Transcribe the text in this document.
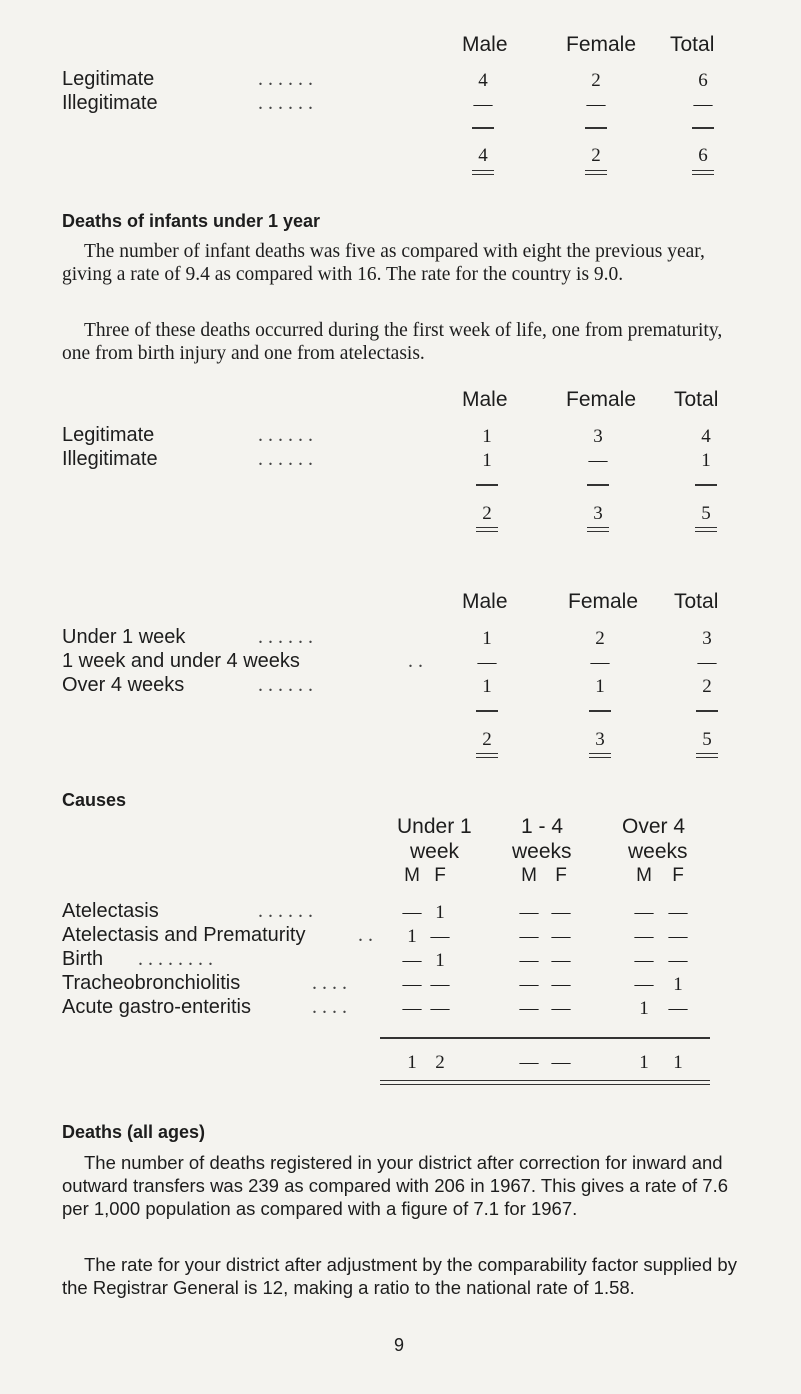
Male	Female Total
Legitimate	. . . . . .	4	2	6
Illegitimate	. . . . . .	—	—	—
4	2	6
Deaths of infants under 1 year

The number of infant deaths was five as compared with eight the previous year, giving a rate of 9.4 as compared with 16. The rate for the country is 9.0.

Three of these deaths occurred during the first week of life, one from prematurity, one from birth injury and one from atelectasis.

Male	Female Total
Legitimate	. . . . . .	1	3	4
Illegitimate	. . . . . .	1	—	1
2	3	5
Male	Female Total
Under 1 week	. . . . . .	1	2	3
1 week and under 4 weeks	. .	—	—	—
Over 4 weeks	. . . . . .	1	1	2
2	3	5
Causes
Under 1
week
1 - 4
weeks
Over 4
weeks
M F	M F	M	F
Atelectasis	. . . . . .	— 1	— —	— —
Atelectasis and Prematurity	. .	1 —	— —	— —
Birth . . . . . . . .	— 1	— —	— —
Tracheobronchiolitis	. . . .	— —	— —	—	1
Acute gastro-enteritis	. . . .	— —	— —	1	—
1 2	— —	1	1
Deaths (all ages)

The number of deaths registered in your district after correction for inward and outward transfers was 239 as compared with 206 in 1967. This gives a rate of 7.6 per 1,000 population as compared with a figure of 7.1 for 1967.

The rate for your district after adjustment by the comparability factor supplied by the Registrar General is 12, making a ratio to the national rate of 1.58.

9
